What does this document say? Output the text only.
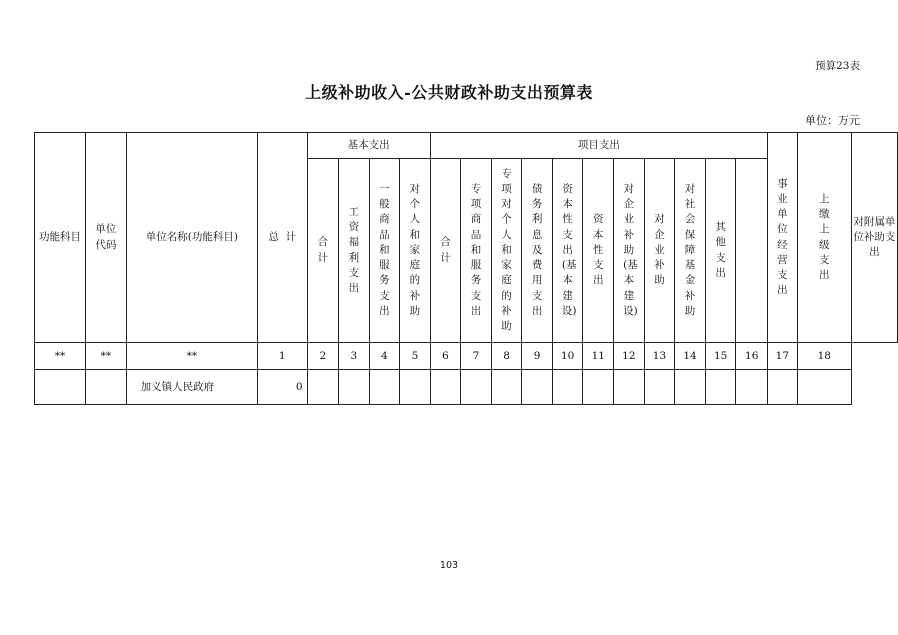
预算23表
上级补助收入-公共财政补助支出预算表
单位：万元
功能科目	单位代码	单位名称(功能科目)	总  计	基本支出				项目支出											事业单位经营支出	上缴上级支出	对附属单位补助支出
				合计	工资福利支出	一般商品和服务支出	对个人和家庭的补助	合计	专项商品和服务支出	专项对个人和家庭的补助	债务利息及费用支出	资本性支出(基本建设)	资本性支出	对企业补助(基本建设)	对企业补助	对社会保障基金补助	其他支出				
**	**	**	1	2	3	4	5	6	7	8	9	10	11	12	13	14	15	16	17	18	
		加义镇人民政府	0																		
103
